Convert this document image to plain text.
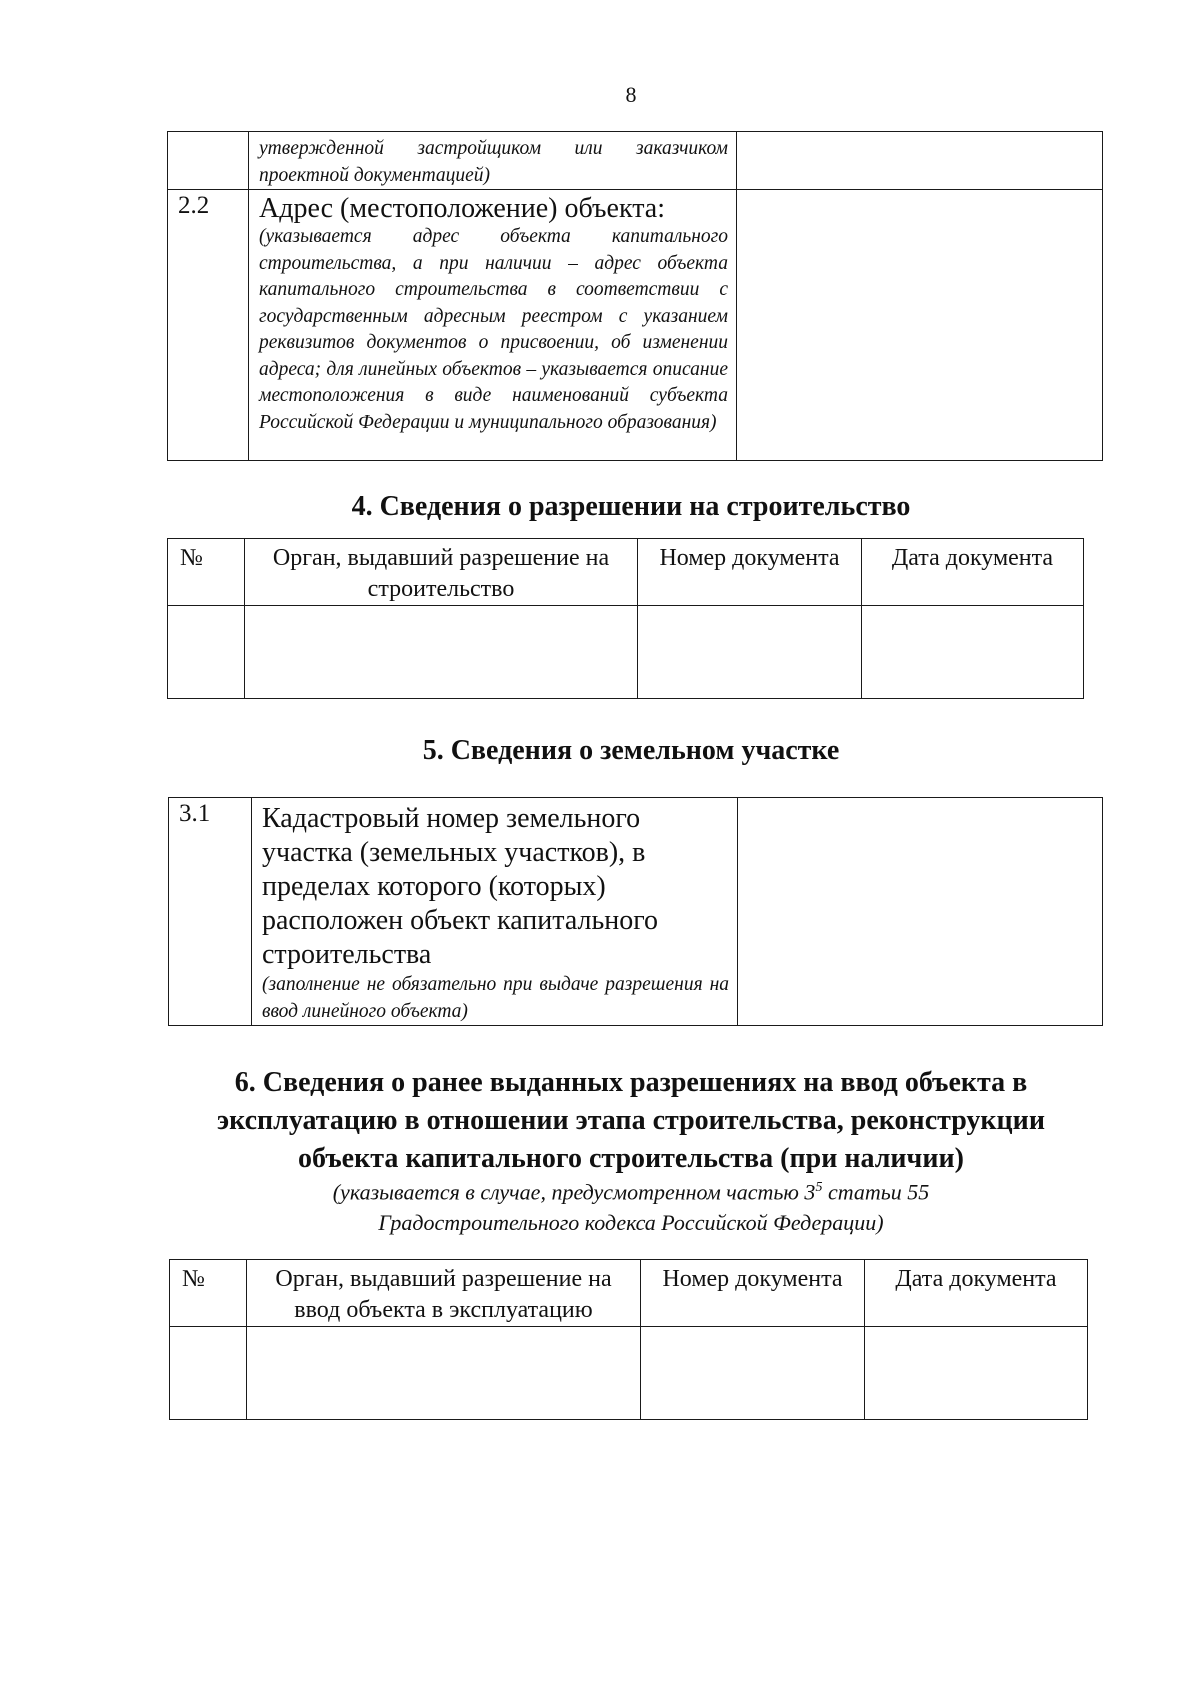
8
	утвержденной застройщиком или заказчиком проектной документацией)	
2.2	Адрес (местоположение) объекта:
(указывается адрес объекта капитального строительства, а при наличии – адрес объекта капитального строительства в соответствии с государственным адресным реестром с указанием реквизитов документов о присвоении, об изменении адреса; для линейных объектов – указывается описание местоположения в виде наименований субъекта Российской Федерации и муниципального образования)	

4. Сведения о разрешении на строительство
№	Орган, выдавший разрешение на строительство	Номер документа	Дата документа

5. Сведения о земельном участке
3.1	Кадастровый номер земельного участка (земельных участков), в пределах которого (которых) расположен объект капитального строительства
(заполнение не обязательно при выдаче разрешения на ввод линейного объекта)

6. Сведения о ранее выданных разрешениях на ввод объекта в эксплуатацию в отношении этапа строительства, реконструкции объекта капитального строительства (при наличии)
(указывается в случае, предусмотренном частью $3^5$ статьи 55 Градостроительного кодекса Российской Федерации)
№	Орган, выдавший разрешение на ввод объекта в эксплуатацию	Номер документа	Дата документа
